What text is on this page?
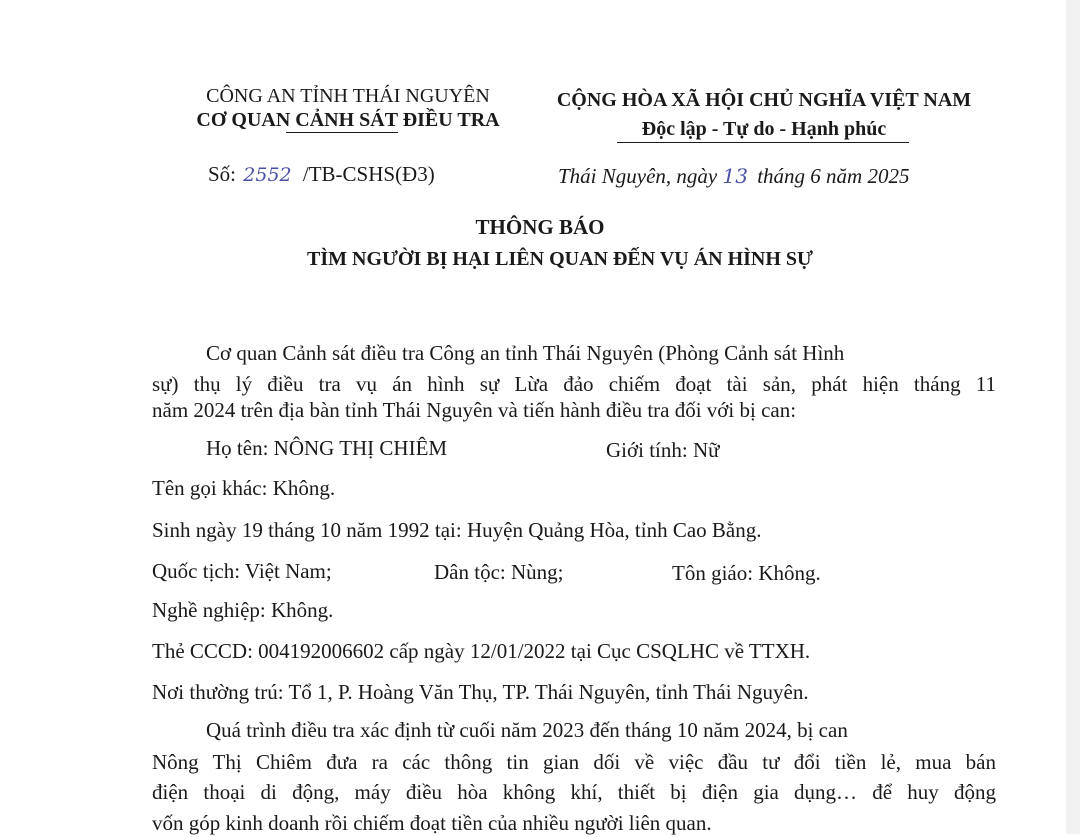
CÔNG AN TỈNH THÁI NGUYÊN
CƠ QUAN CẢNH SÁT ĐIỀU TRA
CỘNG HÒA XÃ HỘI CHỦ NGHĨA VIỆT NAM
Độc lập - Tự do - Hạnh phúc
Số: 2552 /TB-CSHS(Đ3)	Thái Nguyên, ngày 13 tháng 6 năm 2025
THÔNG BÁO
TÌM NGƯỜI BỊ HẠI LIÊN QUAN ĐẾN VỤ ÁN HÌNH SỰ
Cơ quan Cảnh sát điều tra Công an tỉnh Thái Nguyên (Phòng Cảnh sát Hình
sự) thụ lý điều tra vụ án hình sự Lừa đảo chiếm đoạt tài sản, phát hiện tháng 11
năm 2024 trên địa bàn tỉnh Thái Nguyên và tiến hành điều tra đối với bị can:
Họ tên: NÔNG THỊ CHIÊM	Giới tính: Nữ
Tên gọi khác: Không.
Sinh ngày 19 tháng 10 năm 1992 tại: Huyện Quảng Hòa, tỉnh Cao Bằng.
Quốc tịch: Việt Nam;	Dân tộc: Nùng;	Tôn giáo: Không.
Nghề nghiệp: Không.
Thẻ CCCD: 004192006602 cấp ngày 12/01/2022 tại Cục CSQLHC về TTXH.
Nơi thường trú: Tổ 1, P. Hoàng Văn Thụ, TP. Thái Nguyên, tỉnh Thái Nguyên.
Quá trình điều tra xác định từ cuối năm 2023 đến tháng 10 năm 2024, bị can
Nông Thị Chiêm đưa ra các thông tin gian dối về việc đầu tư đổi tiền lẻ, mua bán
điện thoại di động, máy điều hòa không khí, thiết bị điện gia dụng… để huy động
vốn góp kinh doanh rồi chiếm đoạt tiền của nhiều người liên quan.
